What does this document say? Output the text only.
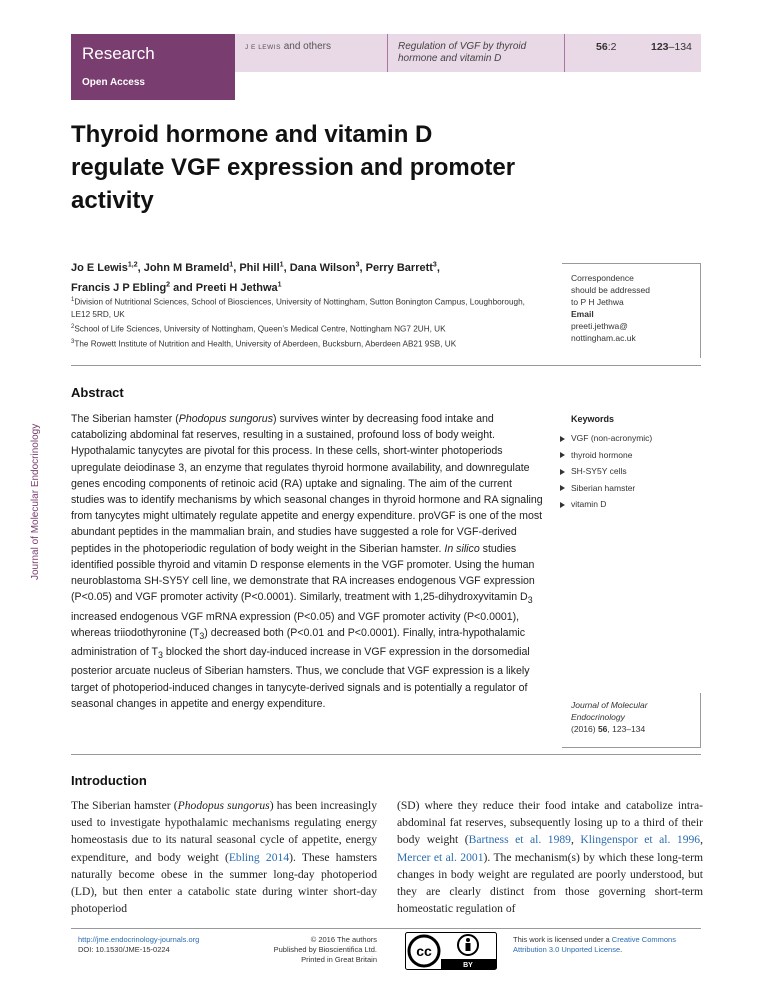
Research
Open Access
J E LEWIS and others	Regulation of VGF by thyroid hormone and vitamin D
56:2	123–134
Thyroid hormone and vitamin D regulate VGF expression and promoter activity
Jo E Lewis$^{1,2}$, John M Brameld$^1$, Phil Hill$^1$, Dana Wilson$^3$, Perry Barrett$^3$,
Francis J P Ebling$^2$ and Preeti H Jethwa$^1$
$^1$Division of Nutritional Sciences, School of Biosciences, University of Nottingham, Sutton Bonington Campus, Loughborough, LE12 5RD, UK
$^2$School of Life Sciences, University of Nottingham, Queen’s Medical Centre, Nottingham NG7 2UH, UK
$^3$The Rowett Institute of Nutrition and Health, University of Aberdeen, Bucksburn, Aberdeen AB21 9SB, UK
Correspondence
should be addressed
to P H Jethwa
Email
preeti.jethwa@
nottingham.ac.uk
Journal of Molecular Endocrinology
Abstract

The Siberian hamster (Phodopus sungorus) survives winter by decreasing food intake and catabolizing abdominal fat reserves, resulting in a sustained, profound loss of body weight. Hypothalamic tanycytes are pivotal for this process. In these cells, short-winter photoperiods upregulate deiodinase 3, an enzyme that regulates thyroid hormone availability, and downregulate genes encoding components of retinoic acid (RA) uptake and signaling. The aim of the current studies was to identify mechanisms by which seasonal changes in thyroid hormone and RA signaling from tanycytes might ultimately regulate appetite and energy expenditure. proVGF is one of the most abundant peptides in the mammalian brain, and studies have suggested a role for VGF-derived peptides in the photoperiodic regulation of body weight in the Siberian hamster. In silico studies identified possible thyroid and vitamin D response elements in the VGF promoter. Using the human neuroblastoma SH-SY5Y cell line, we demonstrate that RA increases endogenous VGF expression (P<0.05) and VGF promoter activity (P<0.0001). Similarly, treatment with 1,25-dihydroxyvitamin $D_3$ increased endogenous VGF mRNA expression (P<0.05) and VGF promoter activity (P<0.0001), whereas triiodothyronine $(T_3)$ decreased both (P<0.01 and P<0.0001). Finally, intra-hypothalamic administration of $T_3$ blocked the short day-induced increase in VGF expression in the dorsomedial posterior arcuate nucleus of Siberian hamsters. Thus, we conclude that VGF expression is a likely target of photoperiod-induced changes in tanycyte-derived signals and is potentially a regulator of seasonal changes in appetite and energy expenditure.

Keywords
VGF (non-acronymic)
thyroid hormone
SH-SY5Y cells
Siberian hamster
vitamin D
Journal of Molecular
Endocrinology
(2016) 56, 123–134
Introduction

The Siberian hamster (Phodopus sungorus) has been increasingly used to investigate hypothalamic mechanisms regulating energy homeostasis due to its natural seasonal cycle of appetite, energy expenditure, and body weight (Ebling 2014). These hamsters naturally become obese in the summer long-day photoperiod (LD), but then enter a catabolic state during winter short-day photoperiod

(SD) where they reduce their food intake and catabolize intra-abdominal fat reserves, subsequently losing up to a third of their body weight (Bartness et al. 1989, Klingenspor et al. 1996, Mercer et al. 2001). The mechanism(s) by which these long-term changes in body weight are regulated are poorly understood, but they are clearly distinct from those governing short-term homeostatic regulation of

http://jme.endocrinology-journals.org
DOI: 10.1530/JME-15-0224
© 2016 The authors
Published by Bioscientifica Ltd.
Printed in Great Britain
cc
BY
This work is licensed under a Creative Commons Attribution 3.0 Unported License.
